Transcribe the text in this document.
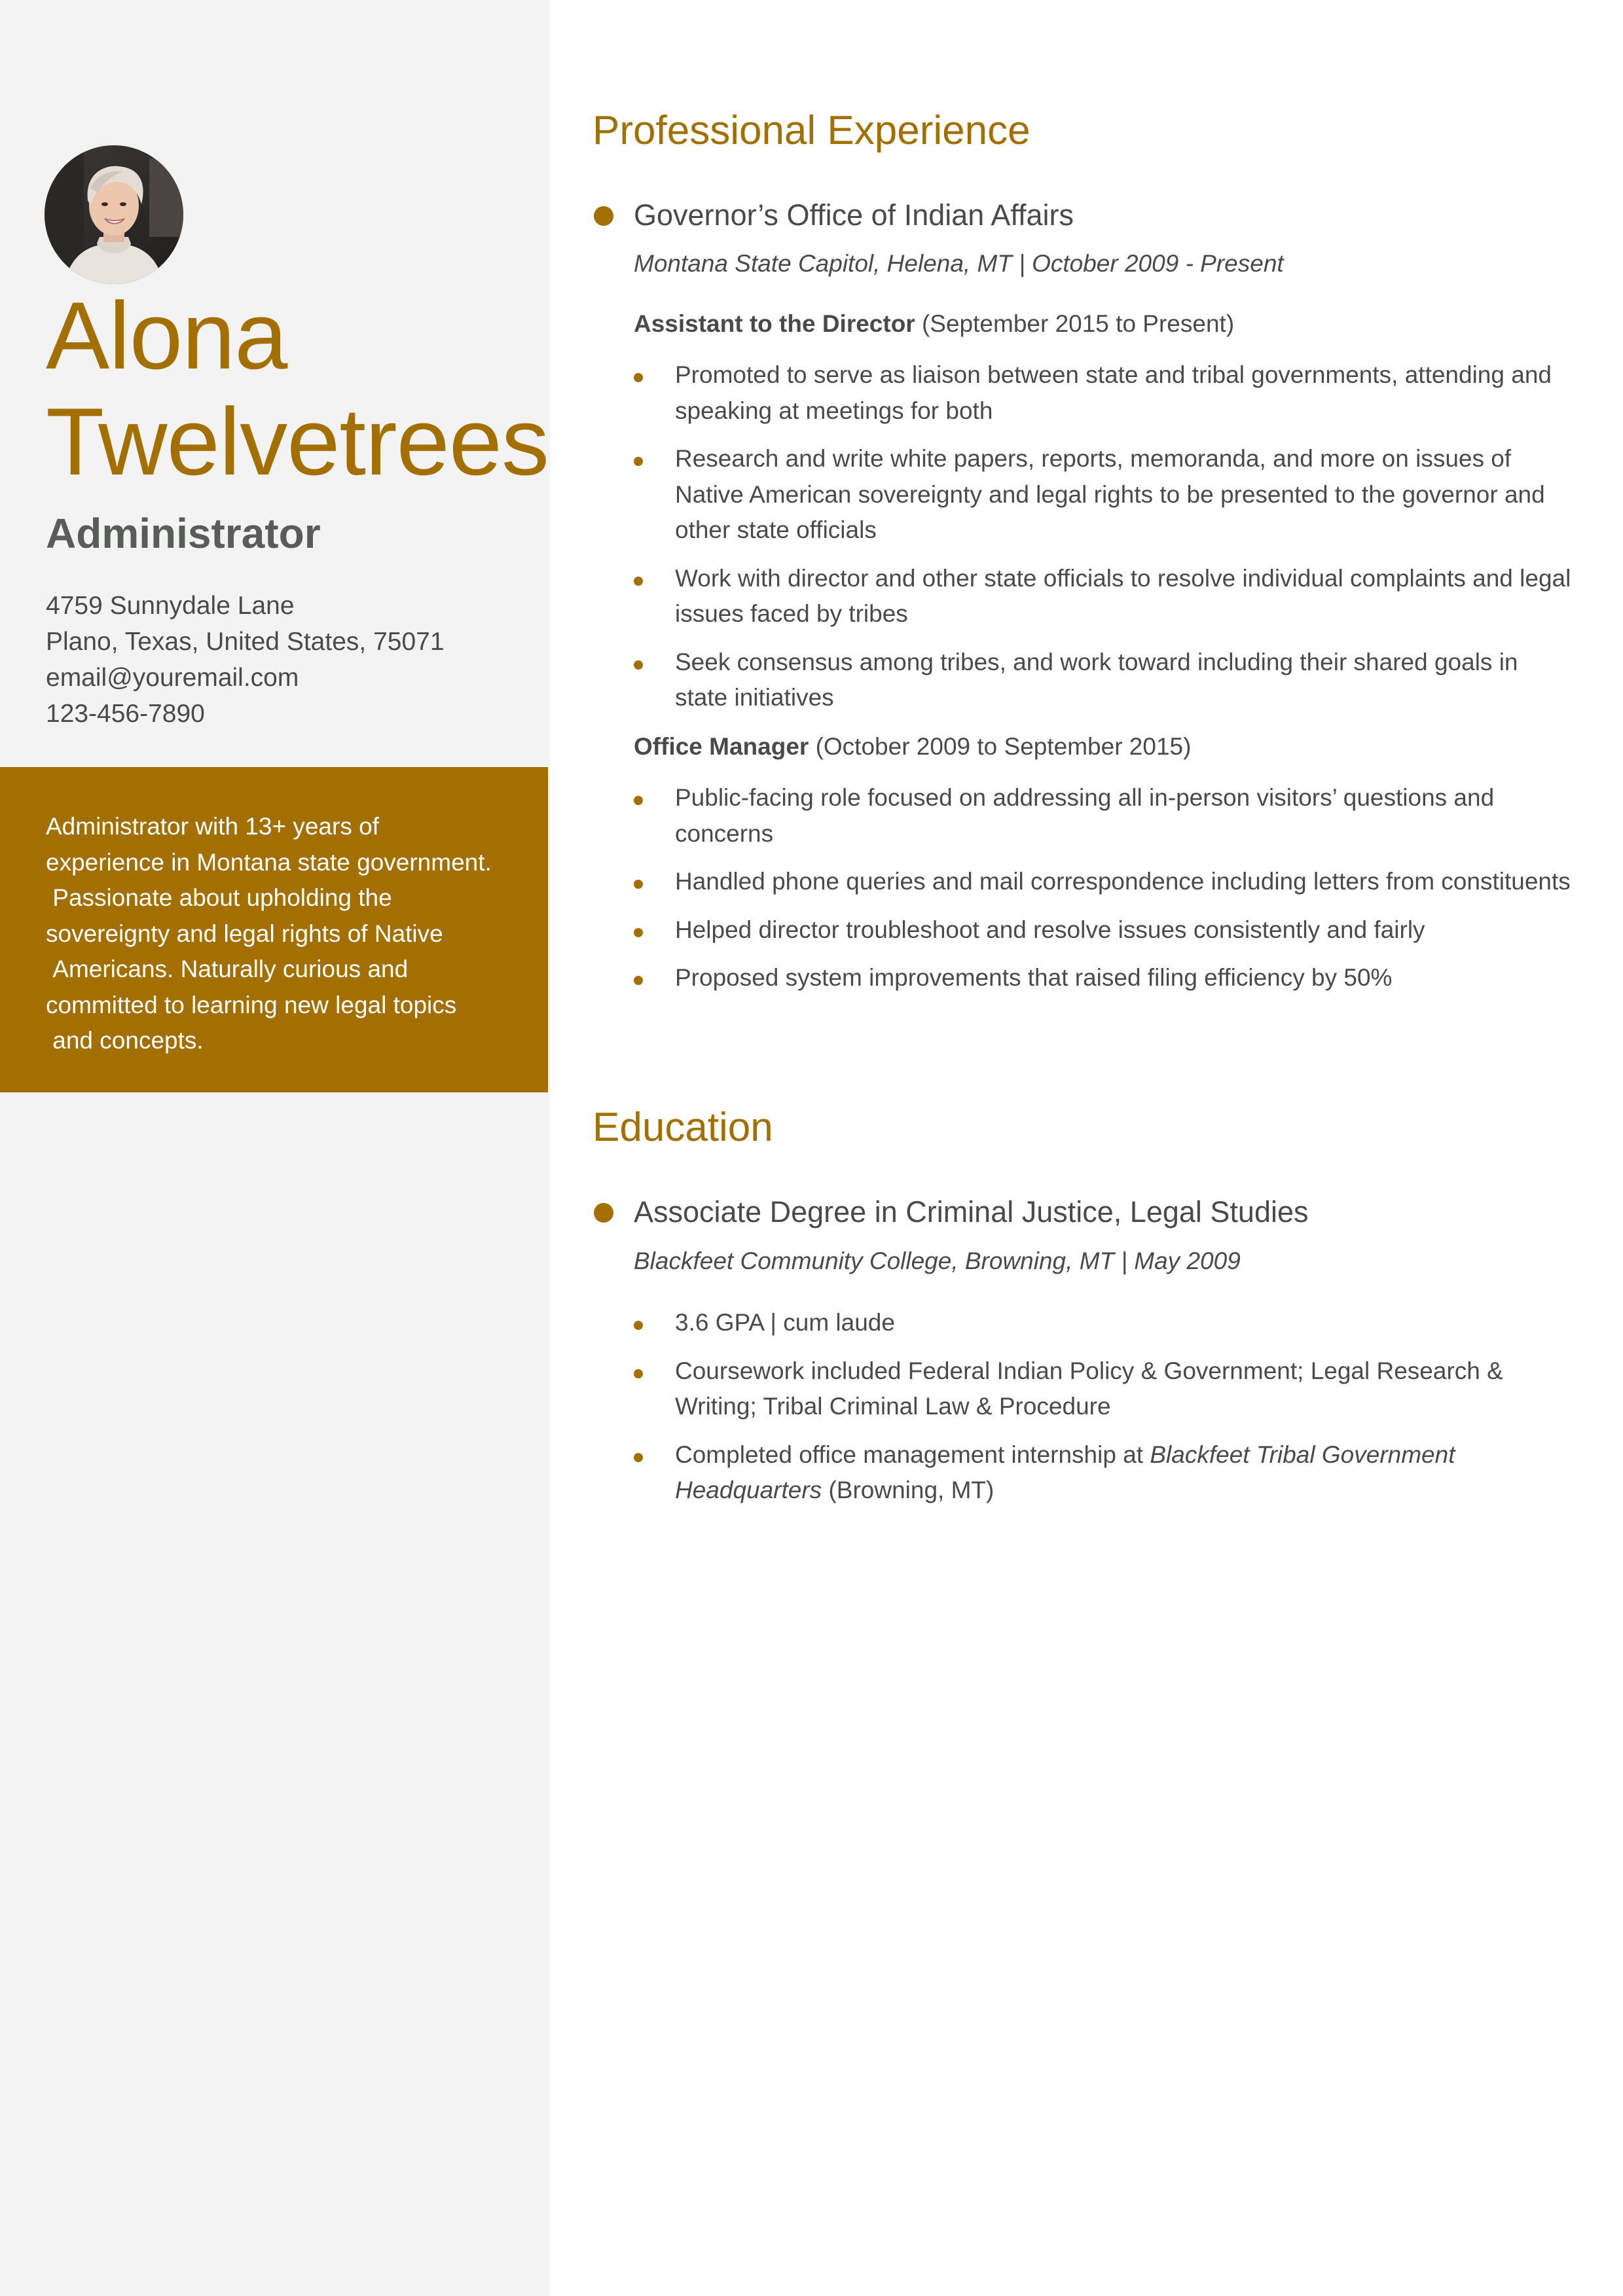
Alona Twelvetrees
Administrator
4759 Sunnydale Lane
Plano, Texas, United States, 75071
email@youremail.com
123-456-7890
Administrator with 13+ years of
experience in Montana state government.
Passionate about upholding the
sovereignty and legal rights of Native
Americans. Naturally curious and
committed to learning new legal topics
and concepts.
Professional Experience
Governor’s Office of Indian Affairs
Montana State Capitol, Helena, MT | October 2009 - Present
Assistant to the Director (September 2015 to Present)
Promoted to serve as liaison between state and tribal governments, attending and speaking at meetings for both
Research and write white papers, reports, memoranda, and more on issues of Native American sovereignty and legal rights to be presented to the governor and other state officials
Work with director and other state officials to resolve individual complaints and legal issues faced by tribes
Seek consensus among tribes, and work toward including their shared goals in state initiatives
Office Manager (October 2009 to September 2015)
Public-facing role focused on addressing all in-person visitors’ questions and concerns
Handled phone queries and mail correspondence including letters from constituents
Helped director troubleshoot and resolve issues consistently and fairly
Proposed system improvements that raised filing efficiency by 50%
Education
Associate Degree in Criminal Justice, Legal Studies
Blackfeet Community College, Browning, MT | May 2009
3.6 GPA | cum laude
Coursework included Federal Indian Policy & Government; Legal Research & Writing; Tribal Criminal Law & Procedure
Completed office management internship at Blackfeet Tribal Government Headquarters (Browning, MT)
